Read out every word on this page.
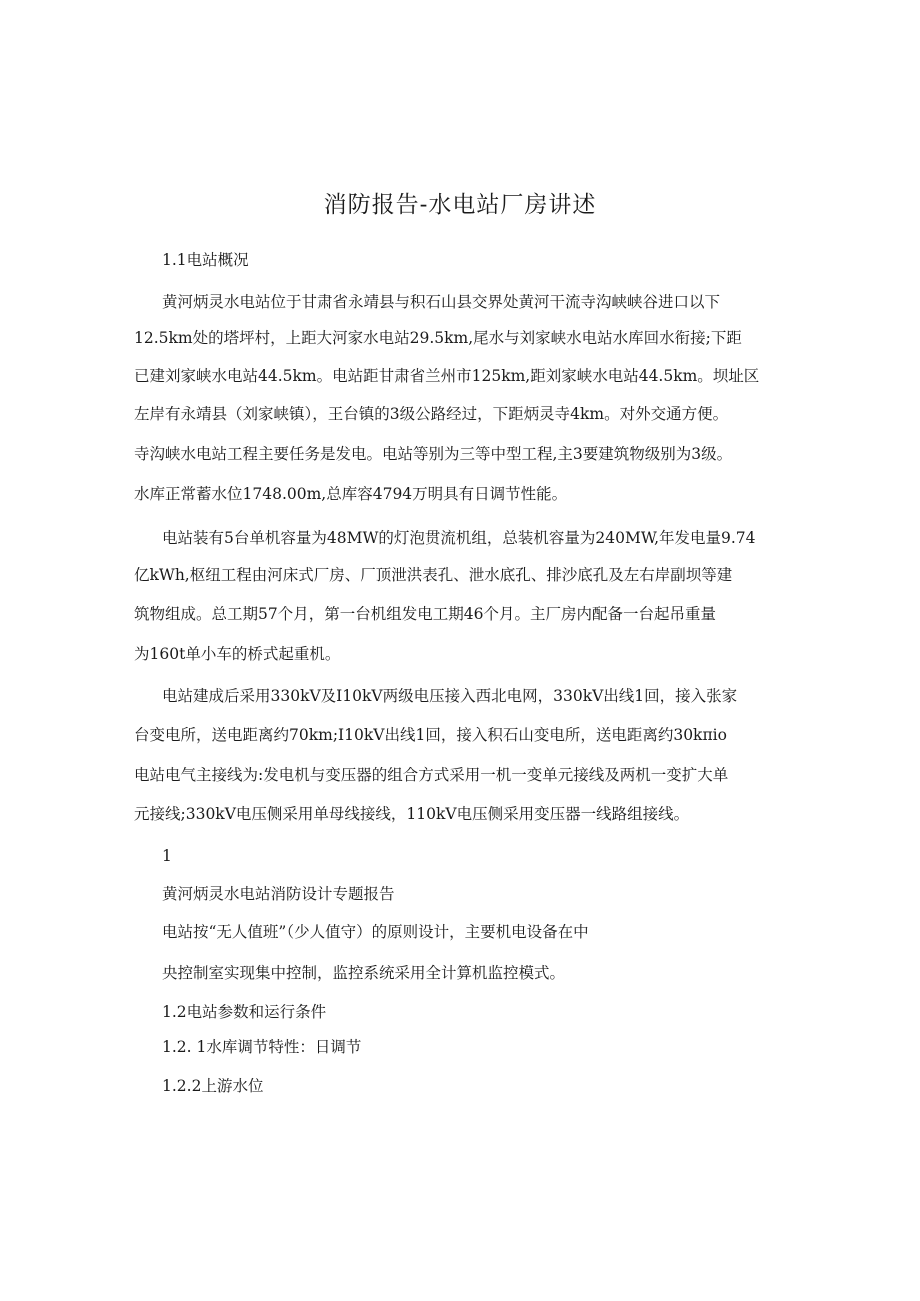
消防报告-水电站厂房讲述
1.1电站概况
黄河炳灵水电站位于甘肃省永靖县与积石山县交界处黄河干流寺沟峡峡谷进口以下
12.5km处的塔坪村，上距大河家水电站29.5km,尾水与刘家峡水电站水库回水衔接;下距
已建刘家峡水电站44.5km。电站距甘肃省兰州市125km,距刘家峡水电站44.5km。坝址区
左岸有永靖县（刘家峡镇），王台镇的3级公路经过，下距炳灵寺4km。对外交通方便。
寺沟峡水电站工程主要任务是发电。电站等别为三等中型工程,主3要建筑物级别为3级。
水库正常蓄水位1748.00m,总库容4794万明具有日调节性能。
电站装有5台单机容量为48MW的灯泡贯流机组，总装机容量为240MW,年发电量9.74
亿kWh,枢纽工程由河床式厂房、厂顶泄洪表孔、泄水底孔、排沙底孔及左右岸副坝等建
筑物组成。总工期57个月，第一台机组发电工期46个月。主厂房内配备一台起吊重量
为160t单小车的桥式起重机。
电站建成后采用330kV及I10kV两级电压接入西北电网，330kV出线1回，接入张家
台变电所，送电距离约70km;I10kV出线1回，接入积石山变电所，送电距离约30kπio
电站电气主接线为:发电机与变压器的组合方式采用一机一变单元接线及两机一变扩大单
元接线;330kV电压侧采用单母线接线，110kV电压侧采用变压器一线路组接线。
1
黄河炳灵水电站消防设计专题报告
电站按“无人值班”（少人值守）的原则设计，主要机电设备在中
央控制室实现集中控制，监控系统采用全计算机监控模式。
1.2电站参数和运行条件
1.2. 1水库调节特性：日调节
1.2.2上游水位
